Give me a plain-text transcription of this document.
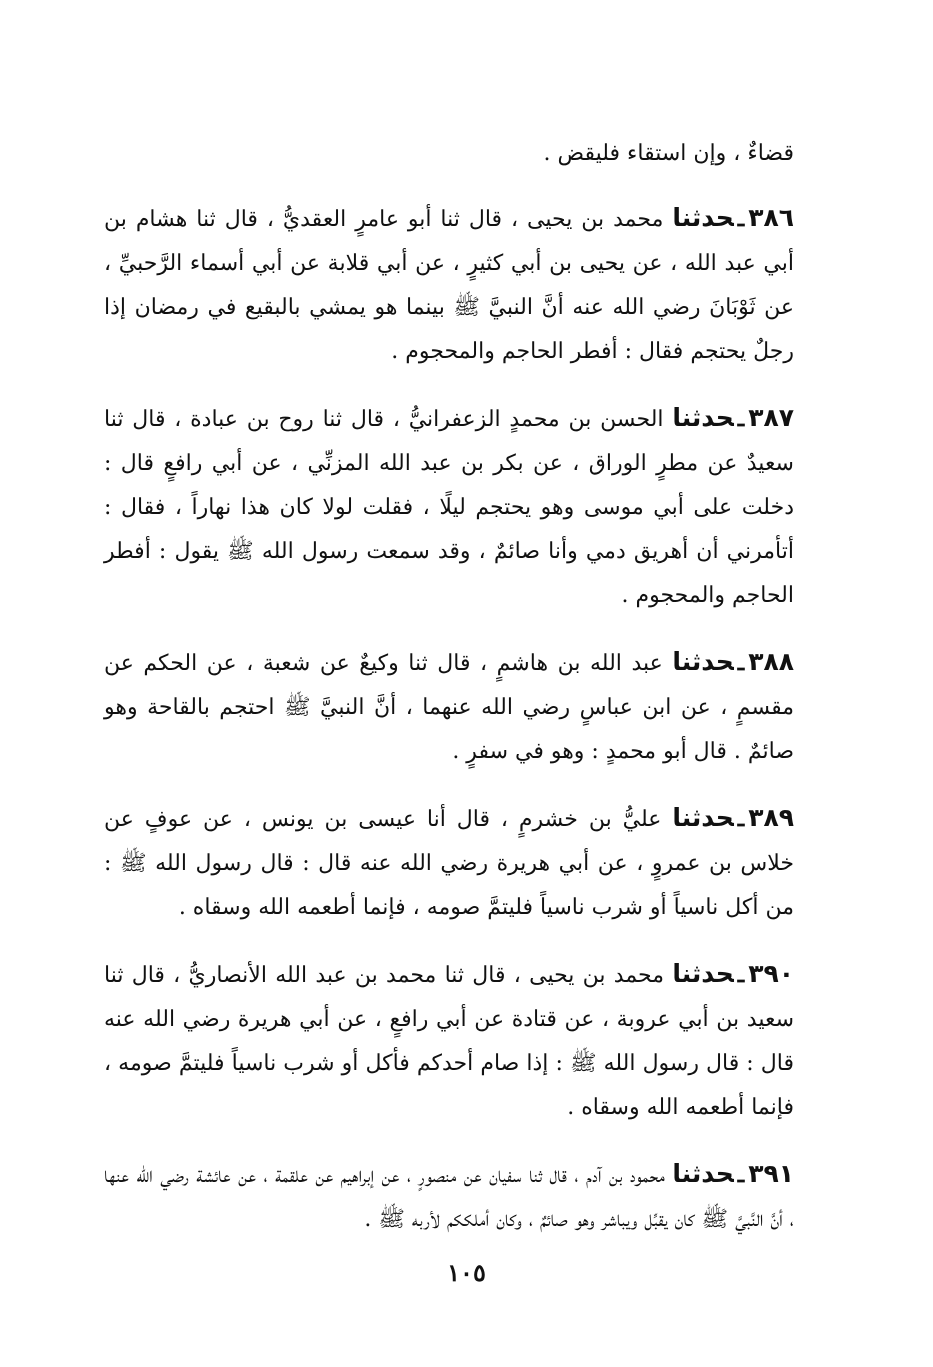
قضاءٌ ، وإن استقاء فليقض .

٣٨٦ـحدثنا محمد بن يحيى ، قال ثنا أبو عامرٍ العقديُّ ، قال ثنا هشام بن أبي عبد الله ، عن يحيى بن أبي كثيرٍ ، عن أبي قلابة عن أبي أسماء الرَّحبيِّ ، عن ثَوْبَانَ رضي الله عنه أنَّ النبيَّ ﷺ بينما هو يمشي بالبقيع في رمضان إذا رجلٌ يحتجم فقال : أفطر الحاجم والمحجوم .

٣٨٧ـحدثنا الحسن بن محمدٍ الزعفرانيُّ ، قال ثنا روح بن عبادة ، قال ثنا سعيدٌ عن مطرٍ الوراق ، عن بكر بن عبد الله المزنِّي ، عن أبي رافعٍ قال : دخلت على أبي موسى وهو يحتجم ليلًا ، فقلت لولا كان هذا نهاراً ، فقال : أتأمرني أن أهريق دمي وأنا صائمٌ ، وقد سمعت رسول الله ﷺ يقول : أفطر الحاجم والمحجوم .

٣٨٨ـحدثنا عبد الله بن هاشمٍ ، قال ثنا وكيعٌ عن شعبة ، عن الحكم عن مقسمٍ ، عن ابن عباسٍ رضي الله عنهما ، أنَّ النبيَّ ﷺ احتجم بالقاحة وهو صائمٌ . قال أبو محمدٍ : وهو في سفرٍ .

٣٨٩ـحدثنا عليُّ بن خشرمٍ ، قال أنا عيسى بن يونس ، عن عوفٍ عن خلاس بن عمروٍ ، عن أبي هريرة رضي الله عنه قال : قال رسول الله ﷺ : من أكل ناسياً أو شرب ناسياً فليتمَّ صومه ، فإنما أطعمه الله وسقاه .

٣٩٠ـحدثنا محمد بن يحيى ، قال ثنا محمد بن عبد الله الأنصاريُّ ، قال ثنا سعيد بن أبي عروبة ، عن قتادة عن أبي رافعٍ ، عن أبي هريرة رضي الله عنه قال : قال رسول الله ﷺ : إذا صام أحدكم فأكل أو شرب ناسياً فليتمَّ صومه ، فإنما أطعمه الله وسقاه .

٣٩١ـحدثنا محمود بن آدم ، قال ثنا سفيان عن منصورٍ ، عن إبراهيم عن علقمة ، عن عائشة رضي الله عنها ، أنَّ النَّبيَّ ﷺ كان يقبِّل ويباشر وهو صائمٌ ، وكان أملككم لأربه ﷺ .

١٠٥
